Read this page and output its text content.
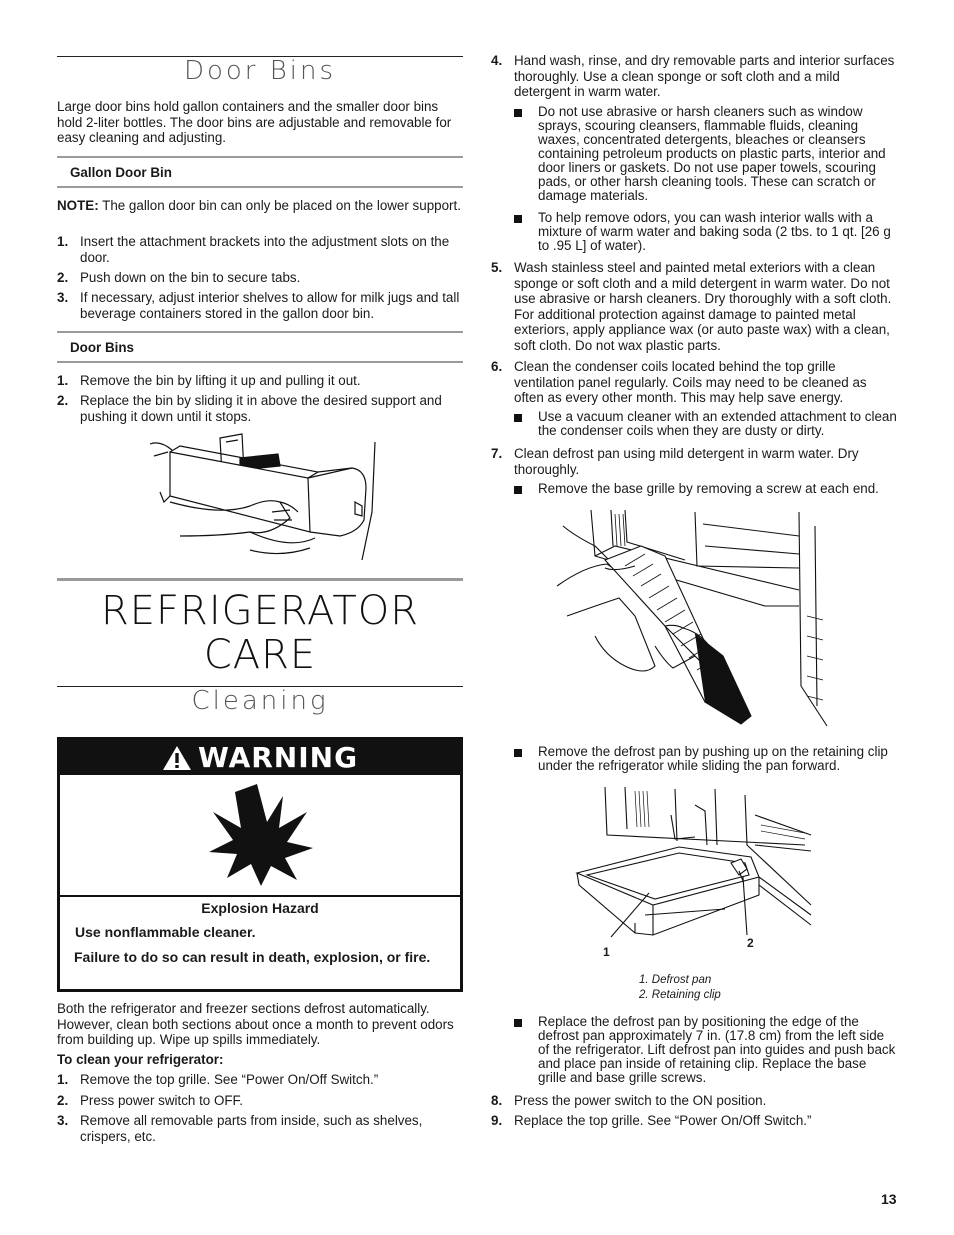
Door Bins
Large door bins hold gallon containers and the smaller door bins hold 2-liter bottles. The door bins are adjustable and removable for easy cleaning and adjusting.
Gallon Door Bin
NOTE: The gallon door bin can only be placed on the lower support.
1. Insert the attachment brackets into the adjustment slots on the door.
2. Push down on the bin to secure tabs.
3. If necessary, adjust interior shelves to allow for milk jugs and tall beverage containers stored in the gallon door bin.
Door Bins
1. Remove the bin by lifting it up and pulling it out.
2. Replace the bin by sliding it in above the desired support and pushing it down until it stops.
REFRIGERATOR
CARE
Cleaning
WARNING
Explosion Hazard
Use nonflammable cleaner.
Failure to do so can result in death, explosion, or fire.
Both the refrigerator and freezer sections defrost automatically. However, clean both sections about once a month to prevent odors from building up. Wipe up spills immediately.
To clean your refrigerator:
1. Remove the top grille. See “Power On/Off Switch.”
2. Press power switch to OFF.
3. Remove all removable parts from inside, such as shelves, crispers, etc.
4. Hand wash, rinse, and dry removable parts and interior surfaces thoroughly. Use a clean sponge or soft cloth and a mild detergent in warm water.
Do not use abrasive or harsh cleaners such as window sprays, scouring cleansers, flammable fluids, cleaning waxes, concentrated detergents, bleaches or cleansers containing petroleum products on plastic parts, interior and door liners or gaskets. Do not use paper towels, scouring pads, or other harsh cleaning tools. These can scratch or damage materials.
To help remove odors, you can wash interior walls with a mixture of warm water and baking soda (2 tbs. to 1 qt. [26 g to .95 L] of water).
5. Wash stainless steel and painted metal exteriors with a clean sponge or soft cloth and a mild detergent in warm water. Do not use abrasive or harsh cleaners. Dry thoroughly with a soft cloth. For additional protection against damage to painted metal exteriors, apply appliance wax (or auto paste wax) with a clean, soft cloth. Do not wax plastic parts.
6. Clean the condenser coils located behind the top grille ventilation panel regularly. Coils may need to be cleaned as often as every other month. This may help save energy.
Use a vacuum cleaner with an extended attachment to clean the condenser coils when they are dusty or dirty.
7. Clean defrost pan using mild detergent in warm water. Dry thoroughly.
Remove the base grille by removing a screw at each end.
Remove the defrost pan by pushing up on the retaining clip under the refrigerator while sliding the pan forward.
1
2
1. Defrost pan
2. Retaining clip
Replace the defrost pan by positioning the edge of the defrost pan approximately 7 in. (17.8 cm) from the left side of the refrigerator. Lift defrost pan into guides and push back and place pan inside of retaining clip. Replace the base grille and base grille screws.
8. Press the power switch to the ON position.
9. Replace the top grille. See “Power On/Off Switch.”
13
